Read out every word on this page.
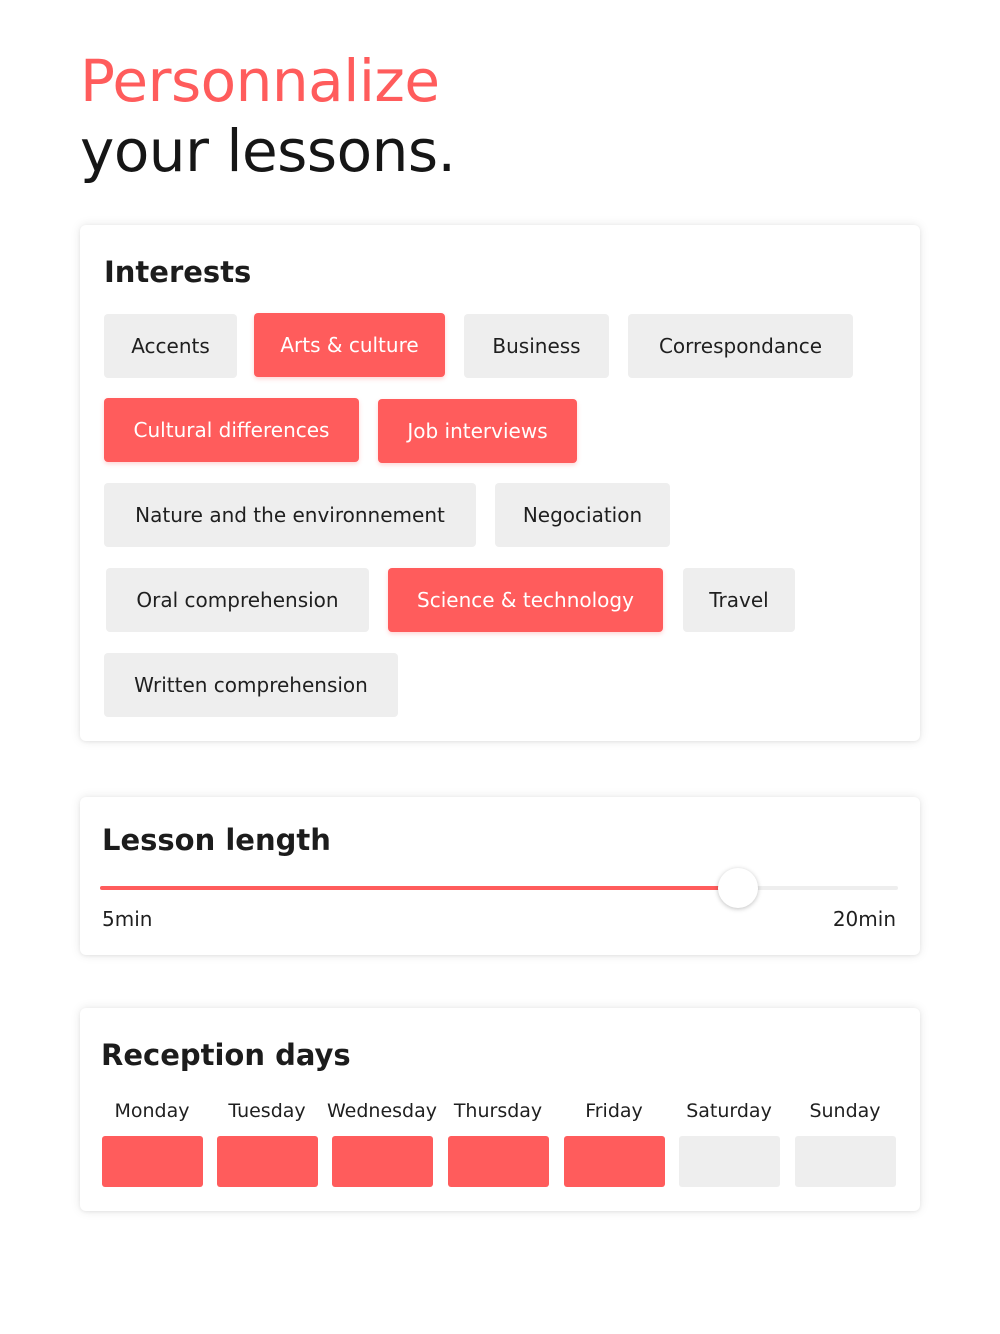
Personnalize
your lessons.
Interests
Accents	Arts & culture	Business	Correspondance
Cultural differences	Job interviews
Nature and the environnement	Negociation
Oral comprehension	Science & technology	Travel
Written comprehension
Lesson length
5min	20min
Reception days
Monday	Tuesday	Wednesday Thursday	Friday	Saturday	Sunday
